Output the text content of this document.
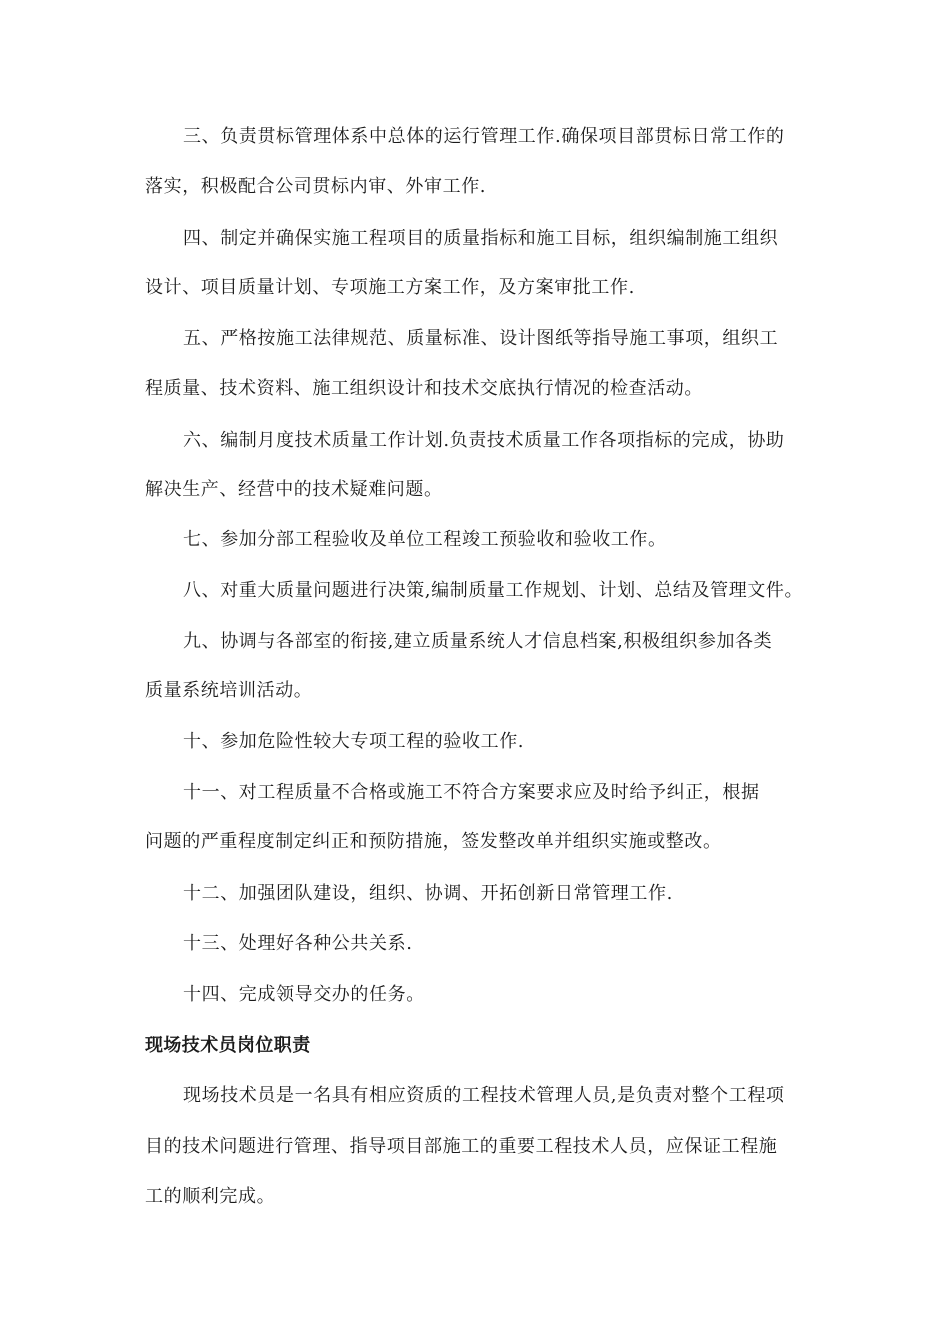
三、负责贯标管理体系中总体的运行管理工作.确保项目部贯标日常工作的
落实，积极配合公司贯标内审、外审工作.
四、制定并确保实施工程项目的质量指标和施工目标，组织编制施工组织
设计、项目质量计划、专项施工方案工作，及方案审批工作.
五、严格按施工法律规范、质量标准、设计图纸等指导施工事项，组织工
程质量、技术资料、施工组织设计和技术交底执行情况的检查活动。
六、编制月度技术质量工作计划.负责技术质量工作各项指标的完成，协助
解决生产、经营中的技术疑难问题。
七、参加分部工程验收及单位工程竣工预验收和验收工作。
八、对重大质量问题进行决策,编制质量工作规划、计划、总结及管理文件。
九、协调与各部室的衔接,建立质量系统人才信息档案,积极组织参加各类
质量系统培训活动。
十、参加危险性较大专项工程的验收工作.
十一、对工程质量不合格或施工不符合方案要求应及时给予纠正，根据
问题的严重程度制定纠正和预防措施，签发整改单并组织实施或整改。
十二、加强团队建设，组织、协调、开拓创新日常管理工作.
十三、处理好各种公共关系.
十四、完成领导交办的任务。
现场技术员岗位职责
现场技术员是一名具有相应资质的工程技术管理人员,是负责对整个工程项
目的技术问题进行管理、指导项目部施工的重要工程技术人员，应保证工程施
工的顺利完成。
